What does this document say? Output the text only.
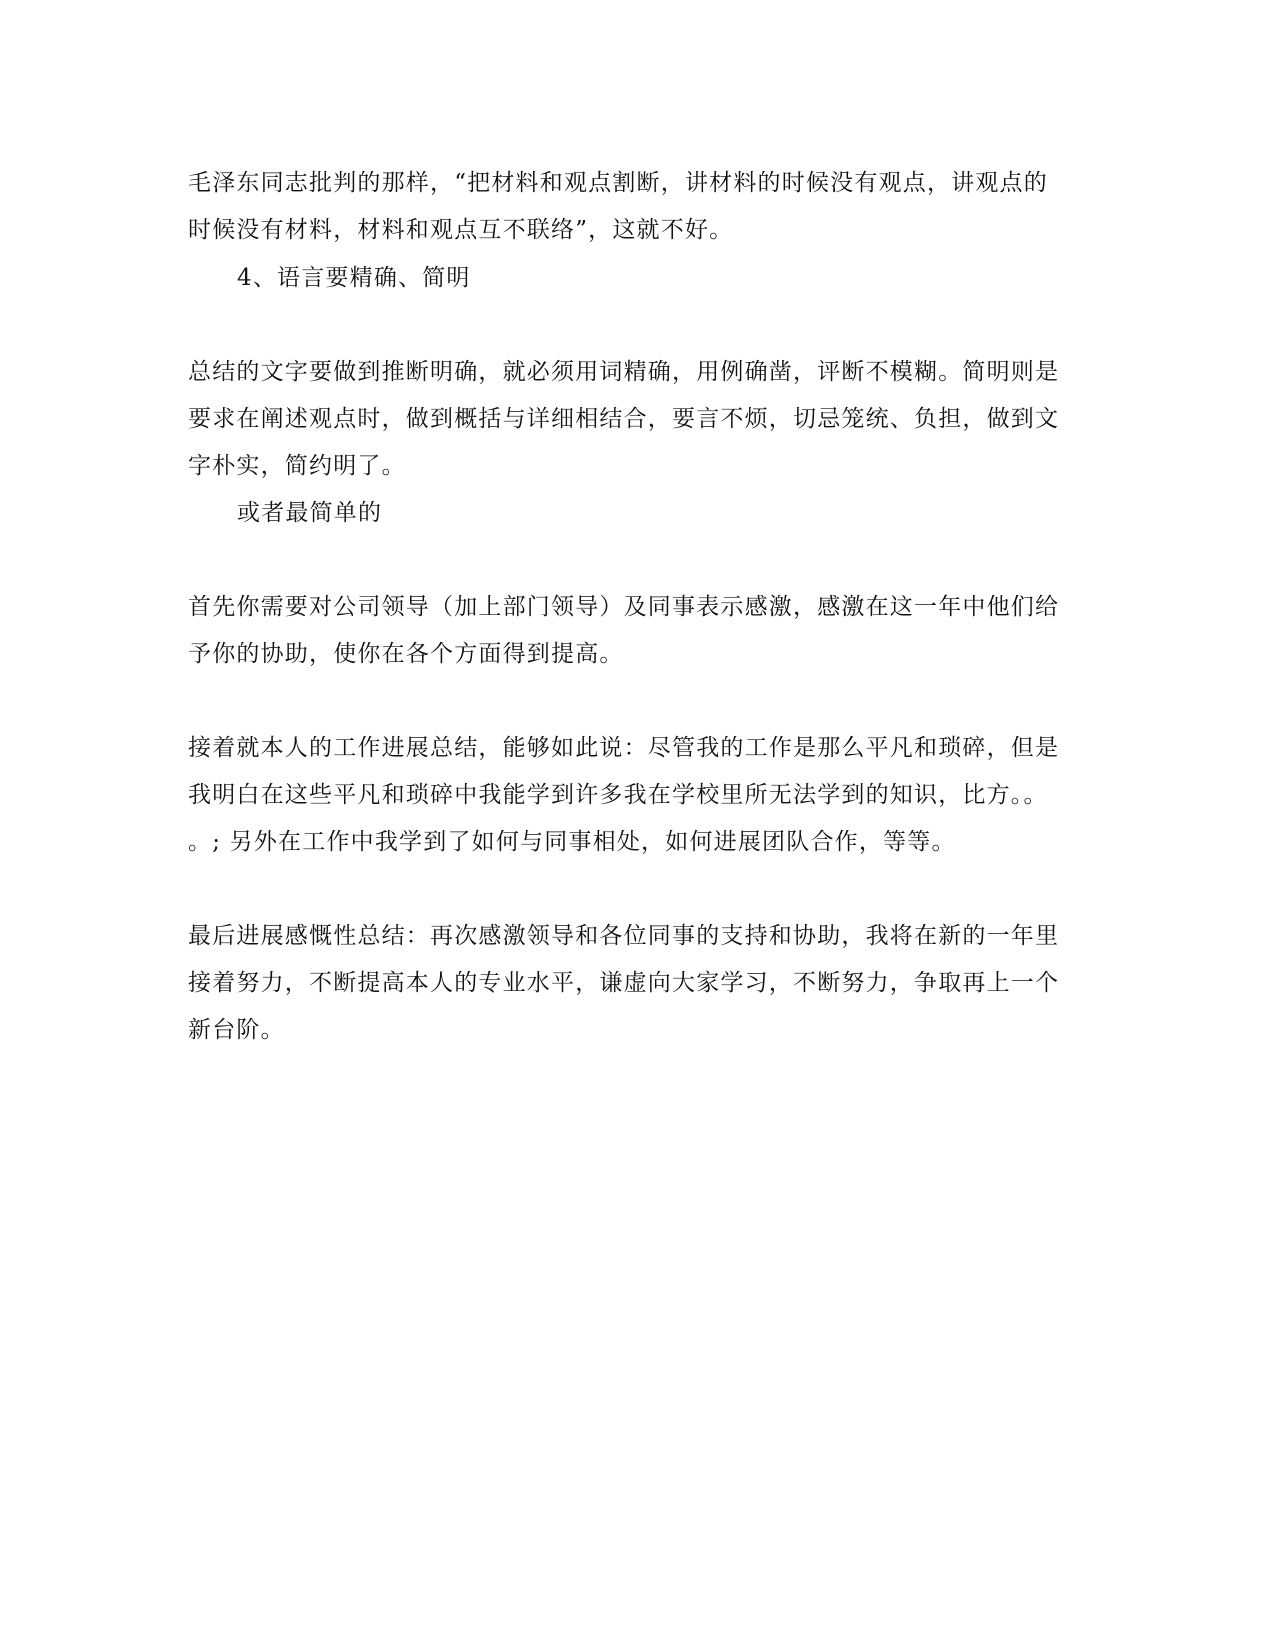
毛泽东同志批判的那样，“把材料和观点割断，讲材料的时候没有观点，讲观点的
时候没有材料，材料和观点互不联络”，这就不好。
4、语言要精确、简明
总结的文字要做到推断明确，就必须用词精确，用例确凿，评断不模糊。简明则是
要求在阐述观点时，做到概括与详细相结合，要言不烦，切忌笼统、负担，做到文
字朴实，简约明了。
或者最简单的
首先你需要对公司领导（加上部门领导）及同事表示感激，感激在这一年中他们给
予你的协助，使你在各个方面得到提高。
接着就本人的工作进展总结，能够如此说：尽管我的工作是那么平凡和琐碎，但是
我明白在这些平凡和琐碎中我能学到许多我在学校里所无法学到的知识，比方。。
。; 另外在工作中我学到了如何与同事相处，如何进展团队合作，等等。
最后进展感慨性总结：再次感激领导和各位同事的支持和协助，我将在新的一年里
接着努力，不断提高本人的专业水平，谦虚向大家学习，不断努力，争取再上一个
新台阶。
